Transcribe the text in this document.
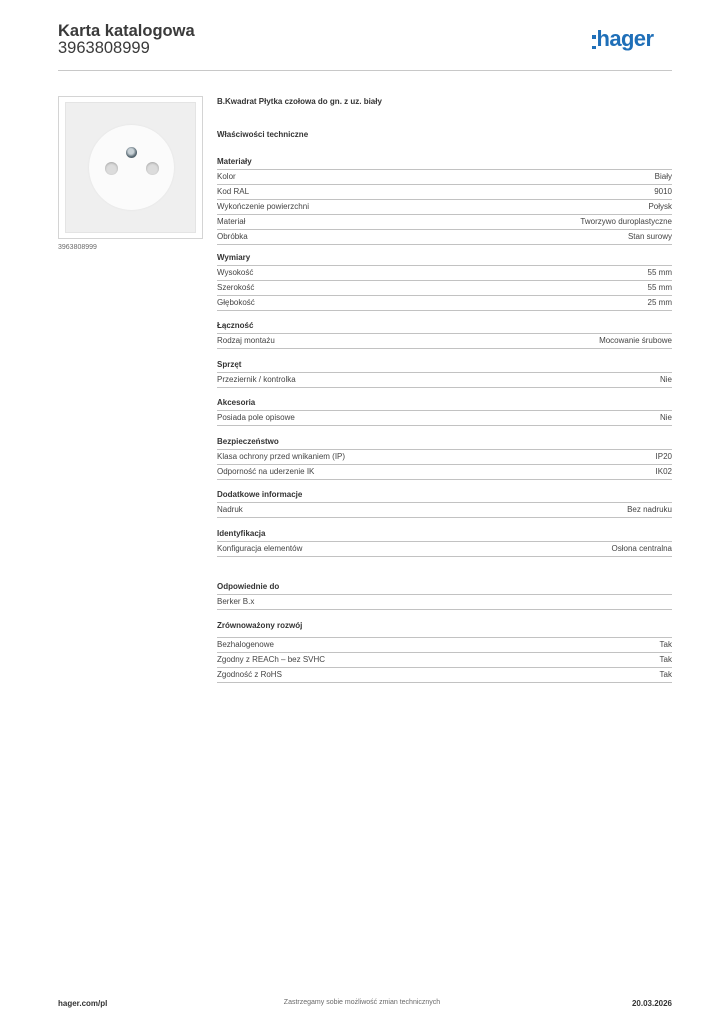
Karta katalogowa
3963808999	hager
3963808999
B.Kwadrat Płytka czołowa do gn. z uz. biały
Właściwości techniczne
Materiały
Kolor	Biały
Kod RAL	9010
Wykończenie powierzchni	Połysk
Materiał	Tworzywo duroplastyczne
Obróbka	Stan surowy
Wymiary
Wysokość	55 mm
Szerokość	55 mm
Głębokość	25 mm
Łączność
Rodzaj montażu	Mocowanie śrubowe
Sprzęt
Przeziernik / kontrolka	Nie
Akcesoria
Posiada pole opisowe	Nie
Bezpieczeństwo
Klasa ochrony przed wnikaniem (IP)	IP20
Odporność na uderzenie IK	IK02
Dodatkowe informacje
Nadruk	Bez nadruku
Identyfikacja
Konfiguracja elementów	Osłona centralna
Odpowiednie do
Berker B.x
Zrównoważony rozwój
Bezhalogenowe	Tak
Zgodny z REACh – bez SVHC	Tak
Zgodność z RoHS	Tak
hager.com/pl	Zastrzegamy sobie możliwość zmian technicznych	20.03.2026
